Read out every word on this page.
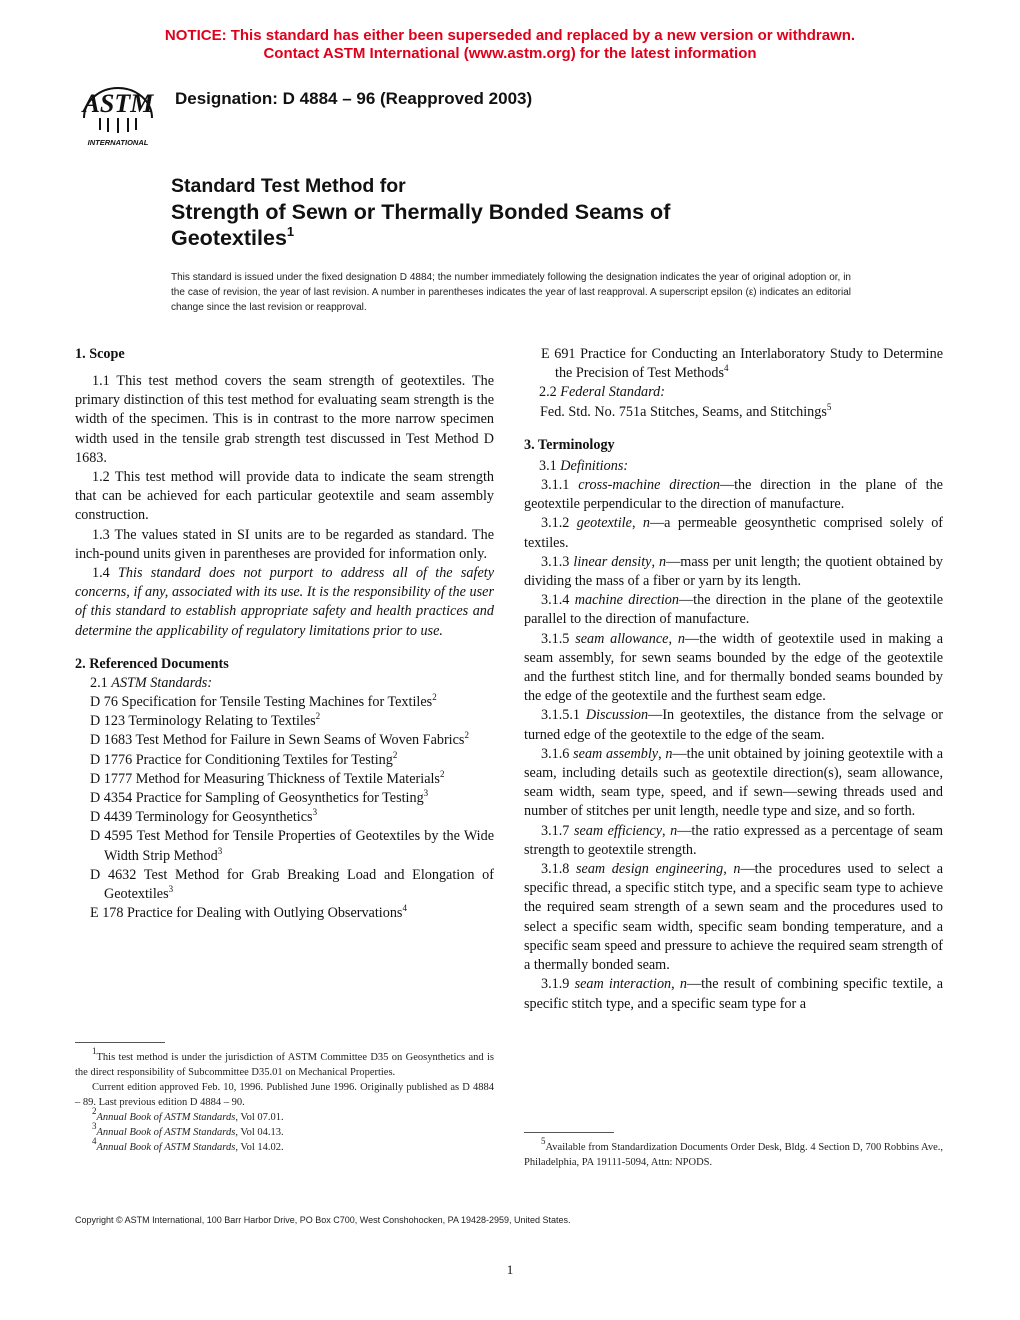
NOTICE: This standard has either been superseded and replaced by a new version or withdrawn.
Contact ASTM International (www.astm.org) for the latest information
ASTM
INTERNATIONAL
Designation: D 4884 – 96 (Reapproved 2003)
Standard Test Method for
Strength of Sewn or Thermally Bonded Seams of Geotextiles$^1$
This standard is issued under the fixed designation D 4884; the number immediately following the designation indicates the year of original adoption or, in the case of revision, the year of last revision. A number in parentheses indicates the year of last reapproval. A superscript epsilon (ε) indicates an editorial change since the last revision or reapproval.
1. Scope

1.1 This test method covers the seam strength of geotextiles. The primary distinction of this test method for evaluating seam strength is the width of the specimen. This is in contrast to the more narrow specimen width used in the tensile grab strength test discussed in Test Method D 1683.

1.2 This test method will provide data to indicate the seam strength that can be achieved for each particular geotextile and seam assembly construction.

1.3 The values stated in SI units are to be regarded as standard. The inch-pound units given in parentheses are provided for information only.

1.4 This standard does not purport to address all of the safety concerns, if any, associated with its use. It is the responsibility of the user of this standard to establish appropriate safety and health practices and determine the applicability of regulatory limitations prior to use.

2. Referenced Documents

2.1 ASTM Standards:

D 76 Specification for Tensile Testing Machines for Textiles$^2$

D 123 Terminology Relating to Textiles$^2$

D 1683 Test Method for Failure in Sewn Seams of Woven Fabrics$^2$

D 1776 Practice for Conditioning Textiles for Testing$^2$

D 1777 Method for Measuring Thickness of Textile Materials$^2$

D 4354 Practice for Sampling of Geosynthetics for Testing$^3$

D 4439 Terminology for Geosynthetics$^3$

D 4595 Test Method for Tensile Properties of Geotextiles by the Wide Width Strip Method$^3$

D 4632 Test Method for Grab Breaking Load and Elongation of Geotextiles$^3$

E 178 Practice for Dealing with Outlying Observations$^4$

E 691 Practice for Conducting an Interlaboratory Study to Determine the Precision of Test Methods$^4$

2.2 Federal Standard:

Fed. Std. No. 751a Stitches, Seams, and Stitchings$^5$

3. Terminology

3.1 Definitions:

3.1.1 cross-machine direction—the direction in the plane of the geotextile perpendicular to the direction of manufacture.

3.1.2 geotextile, n—a permeable geosynthetic comprised solely of textiles.

3.1.3 linear density, n—mass per unit length; the quotient obtained by dividing the mass of a fiber or yarn by its length.

3.1.4 machine direction—the direction in the plane of the geotextile parallel to the direction of manufacture.

3.1.5 seam allowance, n—the width of geotextile used in making a seam assembly, for sewn seams bounded by the edge of the geotextile and the furthest stitch line, and for thermally bonded seams bounded by the edge of the geotextile and the furthest seam edge.

3.1.5.1 Discussion—In geotextiles, the distance from the selvage or turned edge of the geotextile to the edge of the seam.

3.1.6 seam assembly, n—the unit obtained by joining geotextile with a seam, including details such as geotextile direction(s), seam allowance, seam width, seam type, speed, and if sewn—sewing threads used and number of stitches per unit length, needle type and size, and so forth.

3.1.7 seam efficiency, n—the ratio expressed as a percentage of seam strength to geotextile strength.

3.1.8 seam design engineering, n—the procedures used to select a specific thread, a specific stitch type, and a specific seam type to achieve the required seam strength of a sewn seam and the procedures used to select a specific seam width, specific seam bonding temperature, and a specific seam speed and pressure to achieve the required seam strength of a thermally bonded seam.

3.1.9 seam interaction, n—the result of combining specific textile, a specific stitch type, and a specific seam type for a

$^1$This test method is under the jurisdiction of ASTM Committee D35 on Geosynthetics and is the direct responsibility of Subcommittee D35.01 on Mechanical Properties.

Current edition approved Feb. 10, 1996. Published June 1996. Originally published as D 4884 – 89. Last previous edition D 4884 – 90.

$^2$Annual Book of ASTM Standards, Vol 07.01.

$^3$Annual Book of ASTM Standards, Vol 04.13.

$^4$Annual Book of ASTM Standards, Vol 14.02.

$^5$Available from Standardization Documents Order Desk, Bldg. 4 Section D, 700 Robbins Ave., Philadelphia, PA 19111-5094, Attn: NPODS.
Copyright © ASTM International, 100 Barr Harbor Drive, PO Box C700, West Conshohocken, PA 19428-2959, United States.
1
